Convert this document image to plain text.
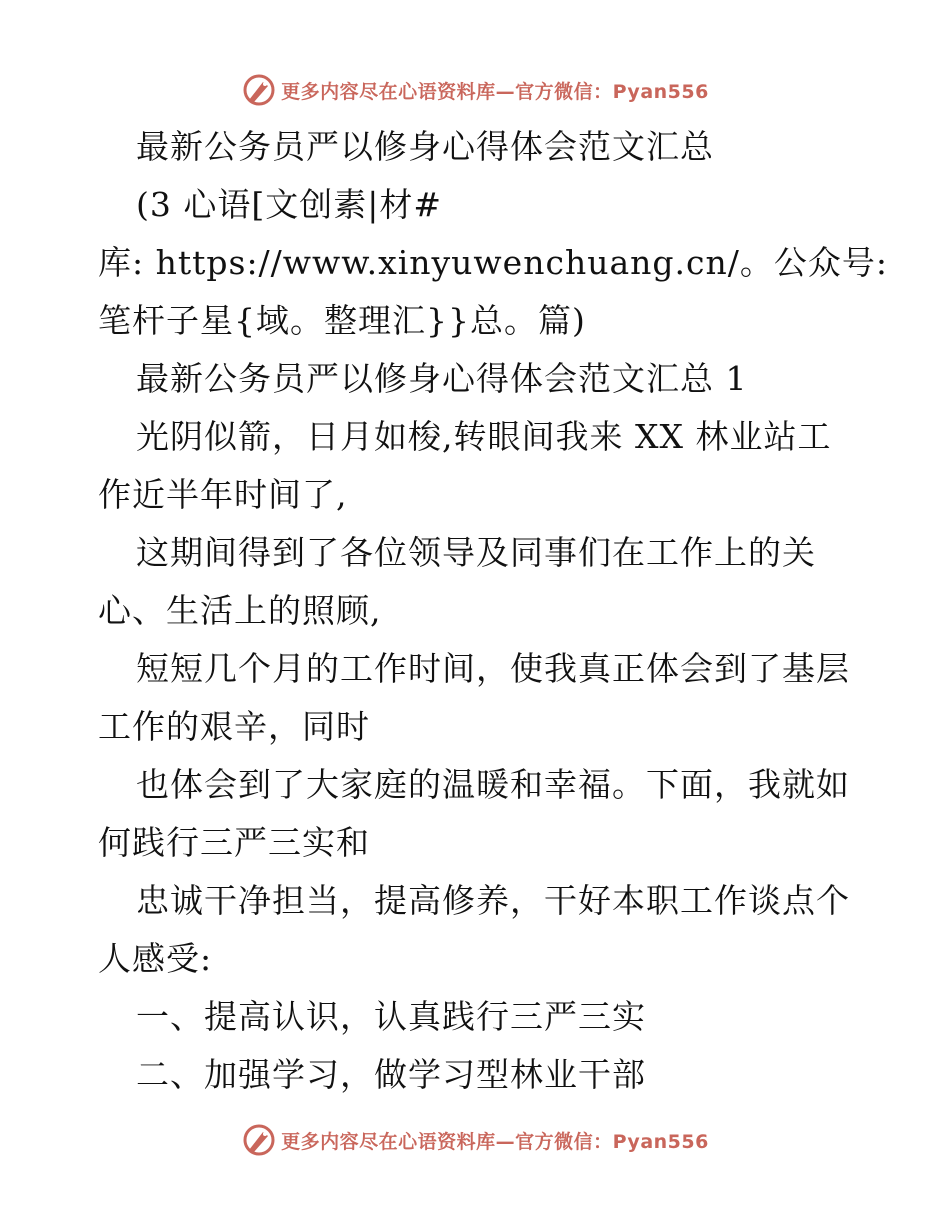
更多内容尽在心语资料库—官方微信：Pyan556
最新公务员严以修身心得体会范文汇总
(3 心语[文创素|材#
库: https://www.xinyuwenchuang.cn/。公众号:
笔杆子星{域。整理汇}}总。篇)
最新公务员严以修身心得体会范文汇总 1
光阴似箭，日月如梭,转眼间我来 XX 林业站工
作近半年时间了,
这期间得到了各位领导及同事们在工作上的关
心、生活上的照顾,
短短几个月的工作时间，使我真正体会到了基层
工作的艰辛，同时
也体会到了大家庭的温暖和幸福。下面，我就如
何践行三严三实和
忠诚干净担当，提高修养，干好本职工作谈点个
人感受:
一、提高认识，认真践行三严三实
二、加强学习，做学习型林业干部
更多内容尽在心语资料库—官方微信：Pyan556
